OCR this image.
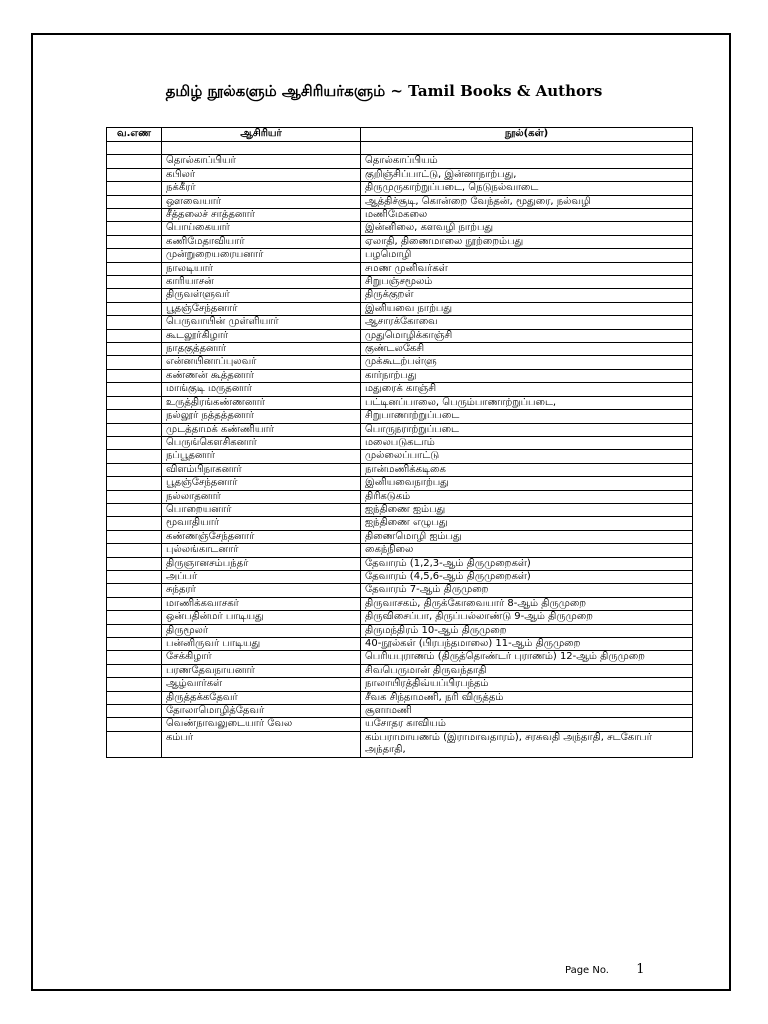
தமிழ் நூல்களும் ஆசிரியர்களும் ~ Tamil Books & Authors
வ.எண	ஆசிரியர்	நூல்(கள்)

	தொல்காப்பியர்	தொல்காப்பியம்
	கபிலர்	குறிஞ்சிப்பாட்டு, இன்னாநாற்பது,
	நக்கீரர்	திருமுருகாற்றுப்படை, நெடுநல்வாடை
	ஔவையார்	ஆத்திச்சூடி, கொன்றை வேந்தன், மூதுரை, நல்வழி
	சீத்தலைச் சாத்தனார்	மணிமேகலை
	பொய்கையார்	இன்னிலை, களவழி நாற்பது
	கணிமேதாவியார்	ஏலாதி, திணைமாலை நூற்றைம்பது
	முன்றுறையரையனார்	பழமொழி
	நாலடியார்	சமண முனிவர்கள்
	காரியாசன்	சிறுபஞ்சமூலம்
	திருவள்ளுவர்	திருக்குறள்
	பூதஞ்சேந்தனார்	இனியவை நாற்பது
	பெருவாயின் முள்ளியார்	ஆசாரக்கோவை
	கூடலூர்கிழார்	முதுமொழிக்காஞ்சி
	நாதகுத்தனார்	குண்டலகேசி
	என்னயினாப்புலவர்	முக்கூடற்பள்ளு
	கண்ணன் கூத்தனார்	கார்நாற்பது
	மாங்குடி மருதனார்	மதுரைக் காஞ்சி
	உருத்திரங்கண்ணனார்	பட்டினப்பாலை, பெரும்பாணாற்றுப்படை,
	நல்லூர் நத்தத்தனார்	சிறுபாணாற்றுப்படை
	முடத்தாமக் கண்ணியார்	பொருநராற்றுப்படை
	பெருங்கௌசிகனார்	மலைபடுகடாம்
	நப்பூதனார்	முல்லைப்பாட்டு
	விளம்பிநாகனார்	நான்மணிக்கடிகை
	பூதஞ்சேந்தனார்	இனியவைநாற்பது
	நல்லாதனார்	திரிகடுகம்
	பொறையனார்	ஐந்திணை ஐம்பது
	மூவாதியார்	ஐந்திணை எழுபது
	கண்ணஞ்சேந்தனார்	திணைமொழி ஐம்பது
	புல்லங்காடனார்	கைந்நிலை
	திருஞானசம்பந்தர்	தேவாரம் (1,2,3-ஆம் திருமுறைகள்)
	அப்பர்	தேவாரம் (4,5,6-ஆம் திருமுறைகள்)
	சுந்தரர்	தேவாரம் 7-ஆம் திருமுறை
	மாணிக்கவாசகர்	திருவாசகம், திருக்கோவையார் 8-ஆம் திருமுறை
	ஒன்பதின்மர் பாடியது	திருவிசைப்பா, திருப்பல்லாண்டு 9-ஆம் திருமுறை
	திருமூலர்	திருமந்திரம் 10-ஆம் திருமுறை
	பன்னிருவர் பாடியது	40-நூல்கள் (பிரபந்தமாலை) 11-ஆம் திருமுறை
	சேக்கிழார்	பெரியபுராணம் (திருத்தொண்டர் புராணம்) 12-ஆம் திருமுறை
	பரணதேவநாயனார்	சிவபெருமான் திருவந்தாதி
	ஆழ்வார்கள்	நாலாயிரத்திவ்யப்பிரபந்தம்
	திருத்தக்கதேவர்	சீவக சிந்தாமணி, நரி விருத்தம்
	தோலாமொழித்தேவர்	சூளாமணி
	வெண்நாவலுடையார் வேல	யசோதர காவியம்
	கம்பர்	கம்பராமாயணம் (இராமாவதாரம்), சரசுவதி அந்தாதி, சடகோபர் அந்தாதி,
Page No. 1
